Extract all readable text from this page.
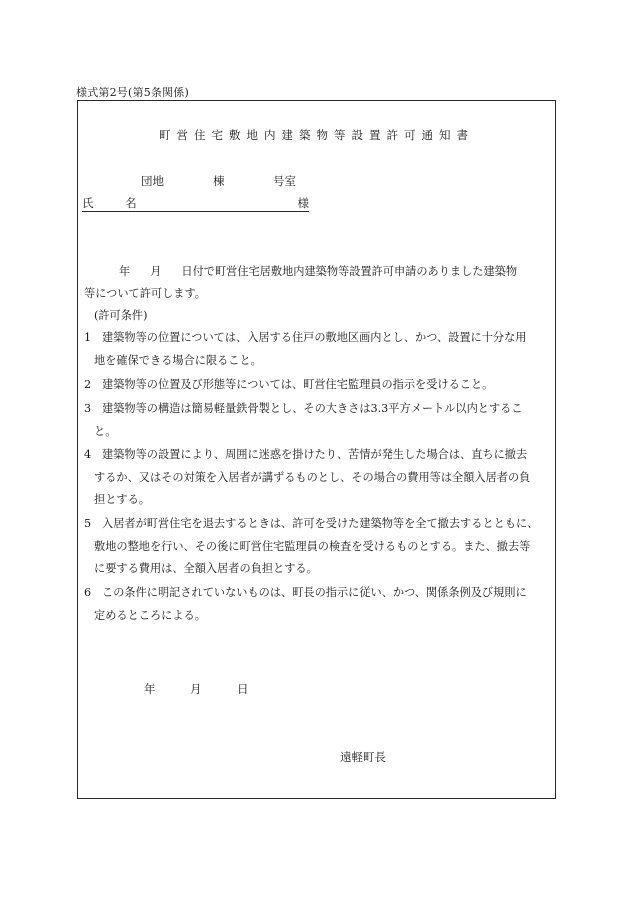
様式第2号(第5条関係)
町営住宅敷地内建築物等設置許可通知書
団地	棟	号室
氏 名	様
年 月 日付で町営住宅居敷地内建築物等設置許可申請のありました建築物
等について許可します。
(許可条件)
1 建築物等の位置については、入居する住戸の敷地区画内とし、かつ、設置に十分な用
地を確保できる場合に限ること。
2 建築物等の位置及び形態等については、町営住宅監理員の指示を受けること。
3 建築物等の構造は簡易軽量鉄骨製とし、その大きさは3.3平方メートル以内とするこ
と。
4 建築物等の設置により、周囲に迷惑を掛けたり、苦情が発生した場合は、直ちに撤去
するか、又はその対策を入居者が講ずるものとし、その場合の費用等は全額入居者の負
担とする。
5 入居者が町営住宅を退去するときは、許可を受けた建築物等を全て撤去するとともに、
敷地の整地を行い、その後に町営住宅監理員の検査を受けるものとする。また、撤去等
に要する費用は、全額入居者の負担とする。
6 この条件に明記されていないものは、町長の指示に従い、かつ、関係条例及び規則に
定めるところによる。
年	月	日
遠軽町長
